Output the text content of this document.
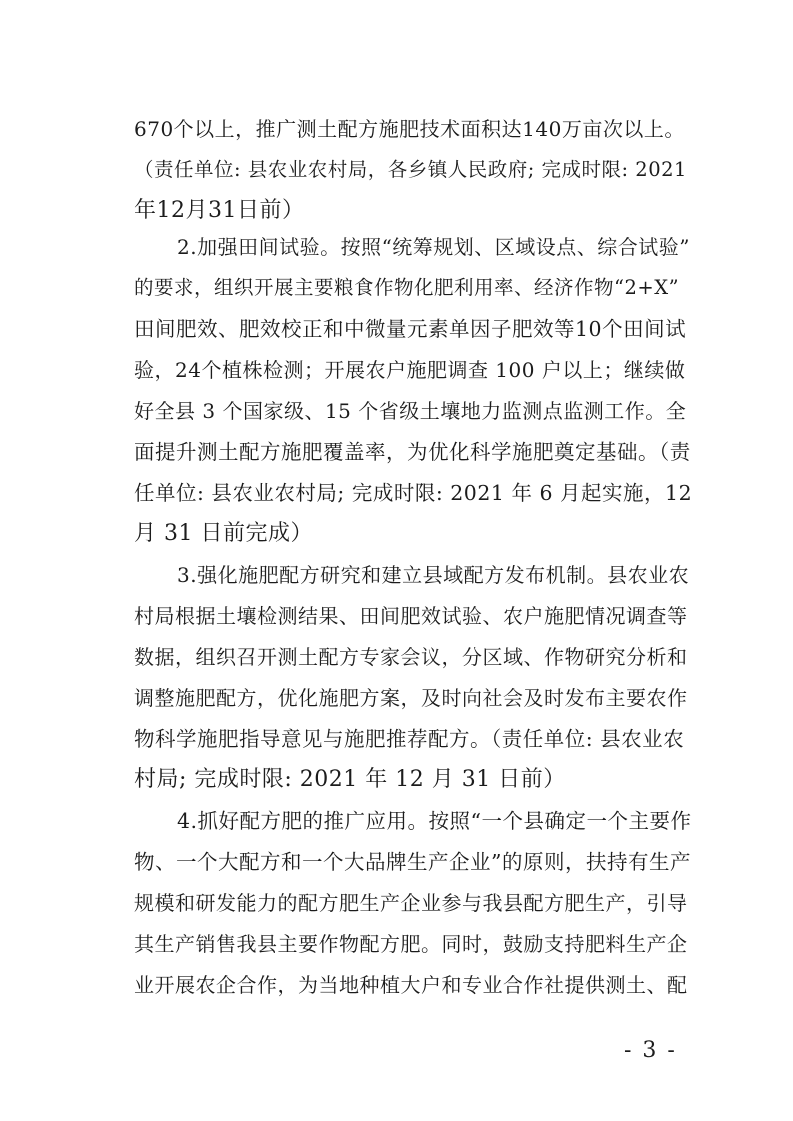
670个以上，推广测土配方施肥技术面积达140万亩次以上。
（责任单位: 县农业农村局，各乡镇人民政府; 完成时限: 2021
年12月31日前）
2.加强田间试验。按照“统筹规划、区域设点、综合试验”
的要求，组织开展主要粮食作物化肥利用率、经济作物“2+X”
田间肥效、肥效校正和中微量元素单因子肥效等10个田间试
验，24个植株检测；开展农户施肥调查 100 户以上；继续做
好全县 3 个国家级、15 个省级土壤地力监测点监测工作。全
面提升测土配方施肥覆盖率，为优化科学施肥奠定基础。（责
任单位: 县农业农村局; 完成时限: 2021 年 6 月起实施，12
月 31 日前完成）
3.强化施肥配方研究和建立县域配方发布机制。县农业农
村局根据土壤检测结果、田间肥效试验、农户施肥情况调查等
数据，组织召开测土配方专家会议，分区域、作物研究分析和
调整施肥配方，优化施肥方案，及时向社会及时发布主要农作
物科学施肥指导意见与施肥推荐配方。（责任单位: 县农业农
村局; 完成时限: 2021 年 12 月 31 日前）
4.抓好配方肥的推广应用。按照“一个县确定一个主要作
物、一个大配方和一个大品牌生产企业”的原则，扶持有生产
规模和研发能力的配方肥生产企业参与我县配方肥生产，引导
其生产销售我县主要作物配方肥。同时，鼓励支持肥料生产企
业开展农企合作，为当地种植大户和专业合作社提供测土、配
- 3 -
